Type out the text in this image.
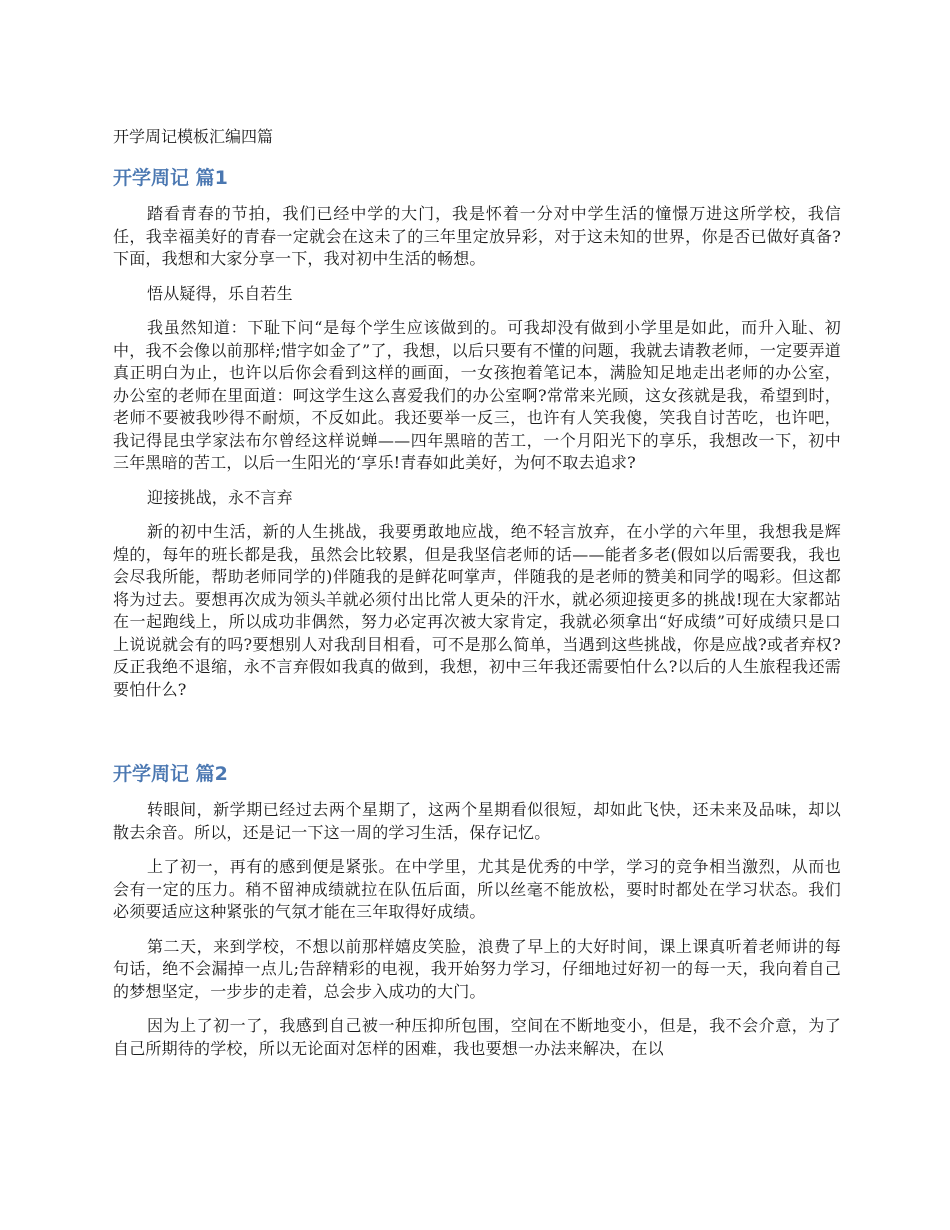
开学周记模板汇编四篇
开学周记 篇1

踏看青春的节拍，我们已经中学的大门，我是怀着一分对中学生活的憧憬万进这所学校，我信任，我幸福美好的青春一定就会在这未了的三年里定放异彩，对于这未知的世界，你是否已做好真备?下面，我想和大家分享一下，我对初中生活的畅想。

悟从疑得，乐自若生

我虽然知道：下耻下问“是每个学生应该做到的。可我却没有做到小学里是如此，而升入耻、初中，我不会像以前那样;惜字如金了”了，我想，以后只要有不懂的问题，我就去请教老师，一定要弄道真正明白为止，也许以后你会看到这样的画面，一女孩抱着笔记本，满脸知足地走出老师的办公室，办公室的老师在里面道：呵这学生这么喜爱我们的办公室啊?常常来光顾，这女孩就是我，希望到时，老师不要被我吵得不耐烦，不反如此。我还要举一反三，也许有人笑我傻，笑我自讨苦吃，也许吧，我记得昆虫学家法布尔曾经这样说蝉——四年黑暗的苦工，一个月阳光下的享乐，我想改一下，初中三年黑暗的苦工，以后一生阳光的‘享乐!青春如此美好，为何不取去追求?

迎接挑战，永不言弃

新的初中生活，新的人生挑战，我要勇敢地应战，绝不轻言放弃，在小学的六年里，我想我是辉煌的，每年的班长都是我，虽然会比较累，但是我坚信老师的话——能者多老(假如以后需要我，我也会尽我所能，帮助老师同学的)伴随我的是鲜花呵掌声，伴随我的是老师的赞美和同学的喝彩。但这都将为过去。要想再次成为领头羊就必须付出比常人更朵的汗水，就必须迎接更多的挑战!现在大家都站在一起跑线上，所以成功非偶然，努力必定再次被大家肯定，我就必须拿出“好成绩”可好成绩只是口上说说就会有的吗?要想别人对我刮目相看，可不是那么简单，当遇到这些挑战，你是应战?或者弃权?反正我绝不退缩，永不言弃假如我真的做到，我想，初中三年我还需要怕什么?以后的人生旅程我还需要怕什么?

开学周记 篇2

转眼间，新学期已经过去两个星期了，这两个星期看似很短，却如此飞快，还未来及品味，却以散去余音。所以，还是记一下这一周的学习生活，保存记忆。

上了初一，再有的感到便是紧张。在中学里，尤其是优秀的中学，学习的竞争相当激烈，从而也会有一定的压力。稍不留神成绩就拉在队伍后面，所以丝毫不能放松，要时时都处在学习状态。我们必须要适应这种紧张的气氛才能在三年取得好成绩。

第二天，来到学校，不想以前那样嬉皮笑脸，浪费了早上的大好时间，课上课真听着老师讲的每句话，绝不会漏掉一点儿;告辞精彩的电视，我开始努力学习，仔细地过好初一的每一天，我向着自己的梦想坚定，一步步的走着，总会步入成功的大门。

因为上了初一了，我感到自己被一种压抑所包围，空间在不断地变小，但是，我不会介意，为了自己所期待的学校，所以无论面对怎样的困难，我也要想一办法来解决，在以
